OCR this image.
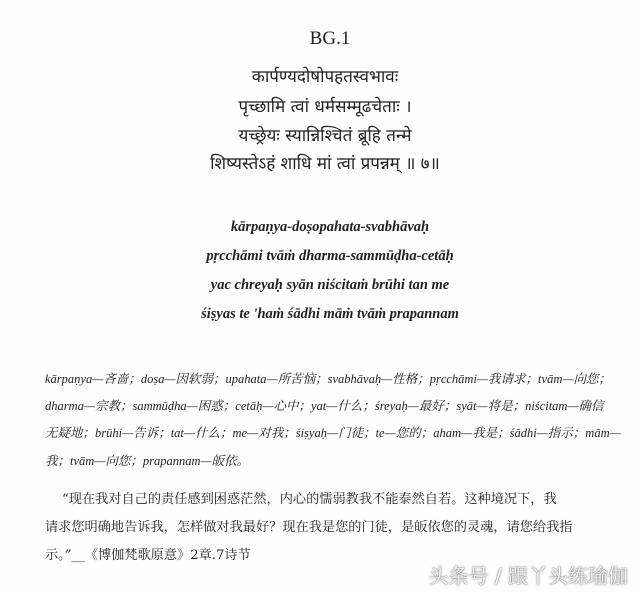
BG.1
कार्पण्यदोषोपहतस्वभावः
पृच्छामि त्वां धर्मसम्मूढचेताः ।
यच्छ्रेयः स्यान्निश्चितं ब्रूहि तन्मे
शिष्यस्तेऽहं शाधि मां त्वां प्रपन्नम् ॥ ७॥
kārpaṇya-doṣopahata-svabhāvaḥ
pṛcchāmi tvāṁ dharma-sammūḍha-cetāḥ
yac chreyaḥ syān niścitaṁ brūhi tan me
śiṣyas te 'haṁ śādhi māṁ tvāṁ prapannam
kārpaṇya—吝啬；doṣa—因软弱；upahata—所苦恼；svabhāvaḥ—性格；pṛcchāmi—我请求；tvām—向您；
dharma—宗教；sammūḍha—困惑；cetāḥ—心中；yat—什么；śreyaḥ—最好；syāt—将是；niścitam—确信
无疑地；brūhi—告诉；tat—什么；me—对我；śiṣyaḥ—门徒；te—您的；aham—我是；śādhi—指示；mām—
我；tvām—向您；prapannam—皈依。
“现在我对自己的责任感到困惑茫然，内心的懦弱教我不能泰然自若。这种境况下，我
请求您明确地告诉我，怎样做对我最好？现在我是您的门徒，是皈依您的灵魂，请您给我指
示。”__《博伽梵歌原意》2章.7诗节
头条号 / 跟丫头练瑜伽
